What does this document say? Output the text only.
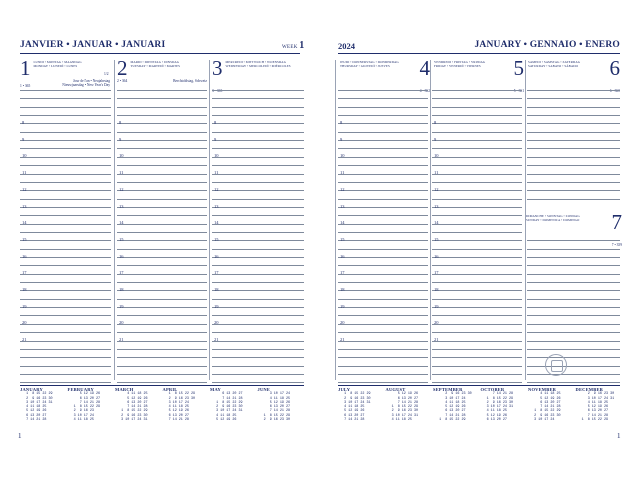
JANVIER • JANUAR • JANUARI	WEEK 1	2024	JANUARY • GENNAIO • ENERO
1 LUNDI • MONTAG • MAANDAG
MONDAY • LUNEDÌ • LUNES
1 • 365
Jour de l'an • Neujahrstag
Nieuwjaarsdag • New Year's Day
1/2 2 MARDI • DIENSTAG • DINSDAG
TUESDAY • MARTEDÌ • MARTES
2 • 364	Berchtoldstag, Schweiz
3 MERCREDI • MITTWOCH • WOENSDAG
WEDNESDAY • MERCOLEDÌ • MIÉRCOLES
3 • 363
JEUDI • DONNERSTAG • DONDERDAG
THURSDAY • GIOVEDÌ • JUEVES	4
4 • 362
VENDREDI • FREITAG • VRIJDAG
FRIDAY • VENERDÌ • VIERNES 5
5 • 361
SAMEDI • SAMSTAG • ZATERDAG
SATURDAY • SABATO • SÁBADO 6
6 • 360
DIMANCHE • SONNTAG • ZONDAG
SUNDAY • DOMENICA • DOMINGO 7
7 • 359
8
9
10
11
12
13
14
15
16
17
18
19
20
21
8
9
10
11
12
13
14
15
16
17
18
19
20
21
8
9
10
11
12
13
14
15
16
17
18
19
20
21
8
9
10
11
12
13
14
15
16
17
18
19
20
21
8
9
10
11
12
13
14
15
16
17
18
19
20
21
JANUARY
1  8 15 22 29
2  9 16 23 30
3 10 17 24 31
4 11 18 25
5 12 19 26
6 13 20 27
7 14 21 28
FEBRUARY
5 12 19 26
6 13 20 27
7 14 21 28
1  8 15 22 29
2  9 16 23
3 10 17 24
4 11 18 25
MARCH
4 11 18 25
5 12 19 26
6 13 20 27
7 14 21 28
1  8 15 22 29
2  9 16 23 30
3 10 17 24 31
APRIL
1  8 15 22 29
2  9 16 23 30
3 10 17 24
4 11 18 25
5 12 19 26
6 13 20 27
7 14 21 28
MAY
6 13 20 27
7 14 21 28
1  8 15 22 29
2  9 16 23 30
3 10 17 24 31
4 11 18 25
5 12 19 26
JUNE
3 10 17 24
4 11 18 25
5 12 19 26
6 13 20 27
7 14 21 28
1  8 15 22 29
2  9 16 23 30
JULY
1  8 15 22 29
2  9 16 23 30
3 10 17 24 31
4 11 18 25
5 12 19 26
6 13 20 27
7 14 21 28
AUGUST
5 12 19 26
6 13 20 27
7 14 21 28
1  8 15 22 29
2  9 16 23 30
3 10 17 24 31
4 11 18 25
SEPTEMBER
2  9 16 23 30
3 10 17 24
4 11 18 25
5 12 19 26
6 13 20 27
7 14 21 28
1  8 15 22 29
OCTOBER
7 14 21 28
1  8 15 22 29
2  9 16 23 30
3 10 17 24 31
4 11 18 25
5 12 19 26
6 13 20 27
NOVEMBER
4 11 18 25
5 12 19 26
6 13 20 27
7 14 21 28
1  8 15 22 29
2  9 16 23 30
3 10 17 24
DECEMBER
2  9 16 23 30
3 10 17 24 31
4 11 18 25
5 12 19 26
6 13 20 27
7 14 21 28
1  8 15 22 29
1	1
